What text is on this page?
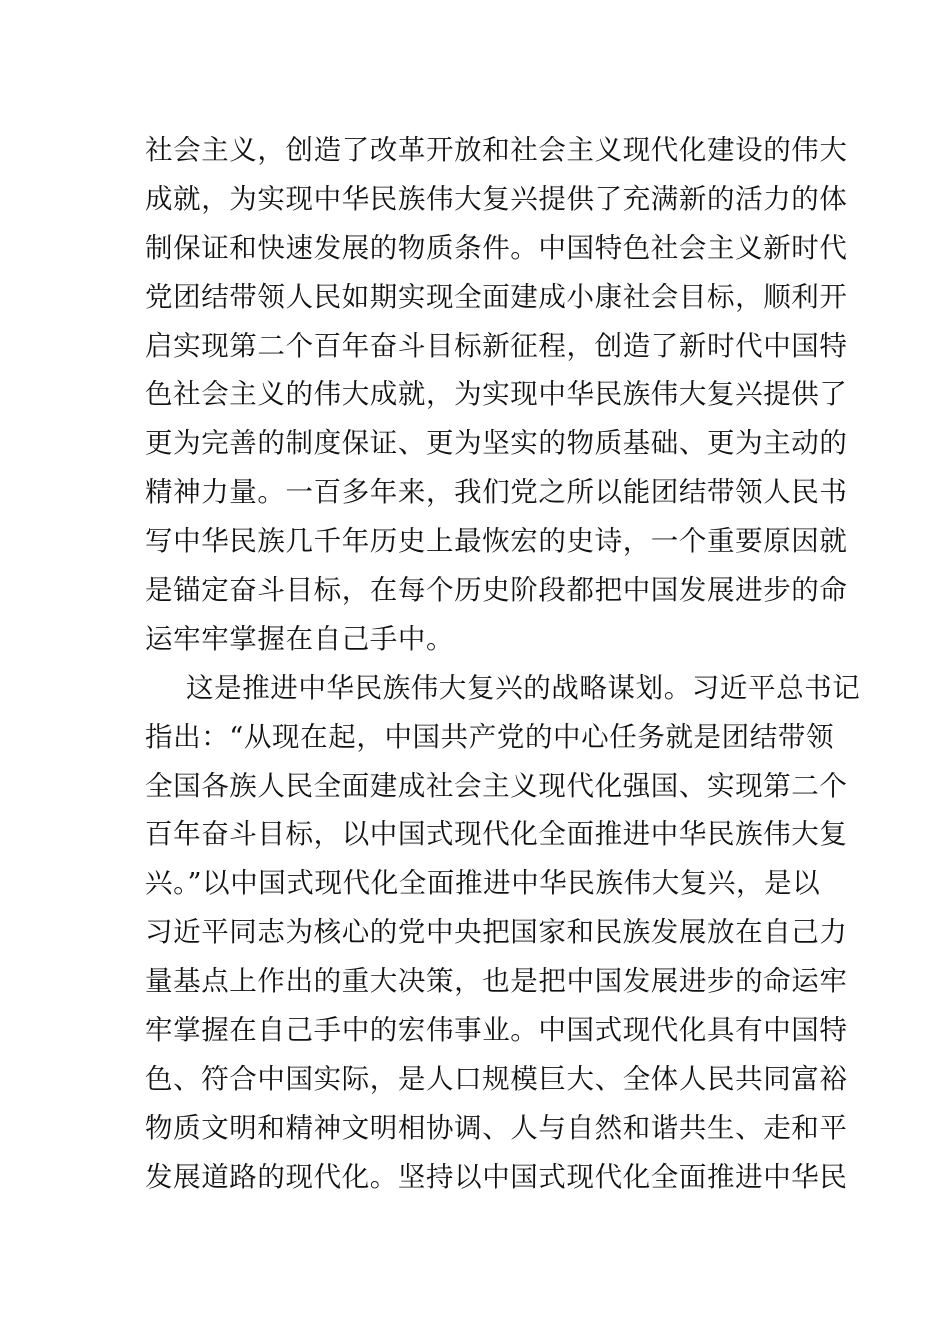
社会主义，创造了改革开放和社会主义现代化建设的伟大
成就，为实现中华民族伟大复兴提供了充满新的活力的体
制保证和快速发展的物质条件。中国特色社会主义新时代
党团结带领人民如期实现全面建成小康社会目标，顺利开
启实现第二个百年奋斗目标新征程，创造了新时代中国特
色社会主义的伟大成就，为实现中华民族伟大复兴提供了
更为完善的制度保证、更为坚实的物质基础、更为主动的
精神力量。一百多年来，我们党之所以能团结带领人民书
写中华民族几千年历史上最恢宏的史诗，一个重要原因就
是锚定奋斗目标，在每个历史阶段都把中国发展进步的命
运牢牢掌握在自己手中。
这是推进中华民族伟大复兴的战略谋划。习近平总书记
指出：“从现在起，中国共产党的中心任务就是团结带领
全国各族人民全面建成社会主义现代化强国、实现第二个
百年奋斗目标，以中国式现代化全面推进中华民族伟大复
兴。”以中国式现代化全面推进中华民族伟大复兴，是以
习近平同志为核心的党中央把国家和民族发展放在自己力
量基点上作出的重大决策，也是把中国发展进步的命运牢
牢掌握在自己手中的宏伟事业。中国式现代化具有中国特
色、符合中国实际，是人口规模巨大、全体人民共同富裕
物质文明和精神文明相协调、人与自然和谐共生、走和平
发展道路的现代化。坚持以中国式现代化全面推进中华民
